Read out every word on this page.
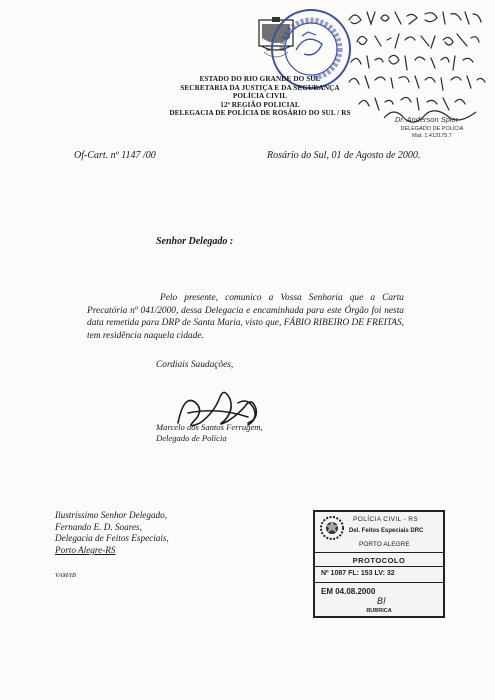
Dr. Anderson Spier
DELEGADO DE POLÍCIA
Mat. 1.413175.7
ESTADO DO RIO GRANDE DO SUL
SECRETARIA DA JUSTIÇA E DA SEGURANÇA
POLÍCIA CIVIL
12ª REGIÃO POLICIAL
DELEGACIA DE POLÍCIA DE ROSÁRIO DO SUL / RS
Of-Cart. nº 1147 /00	Rosário do Sul, 01 de Agosto de 2000.
Senhor Delegado :

Pelo presente, comunico a Vossa Senhoria que a Carta Precatória nº 041/2000, dessa Delegacia e encaminhada para este Órgão foi nesta data remetida para DRP de Santa Maria, visto que, FÁBIO RIBEIRO DE FREITAS, tem residência naquela cidade.

Cordiais Saudações,
Marcelo dos Santos Ferrugem,
Delegado de Polícia
Ilustríssimo Senhor Delegado,
Fernando E. D. Soares,
Delegacia de Feitos Especiais,
Porto Alegre-RS
VAM/IB
POLÍCIA CIVIL - RS
Del. Feitos Especiais DRC
PORTO ALEGRE
PROTOCOLO
Nº 1087 FL: 153 LV: 32
EM 04.08.2000
Bl
RUBRICA
